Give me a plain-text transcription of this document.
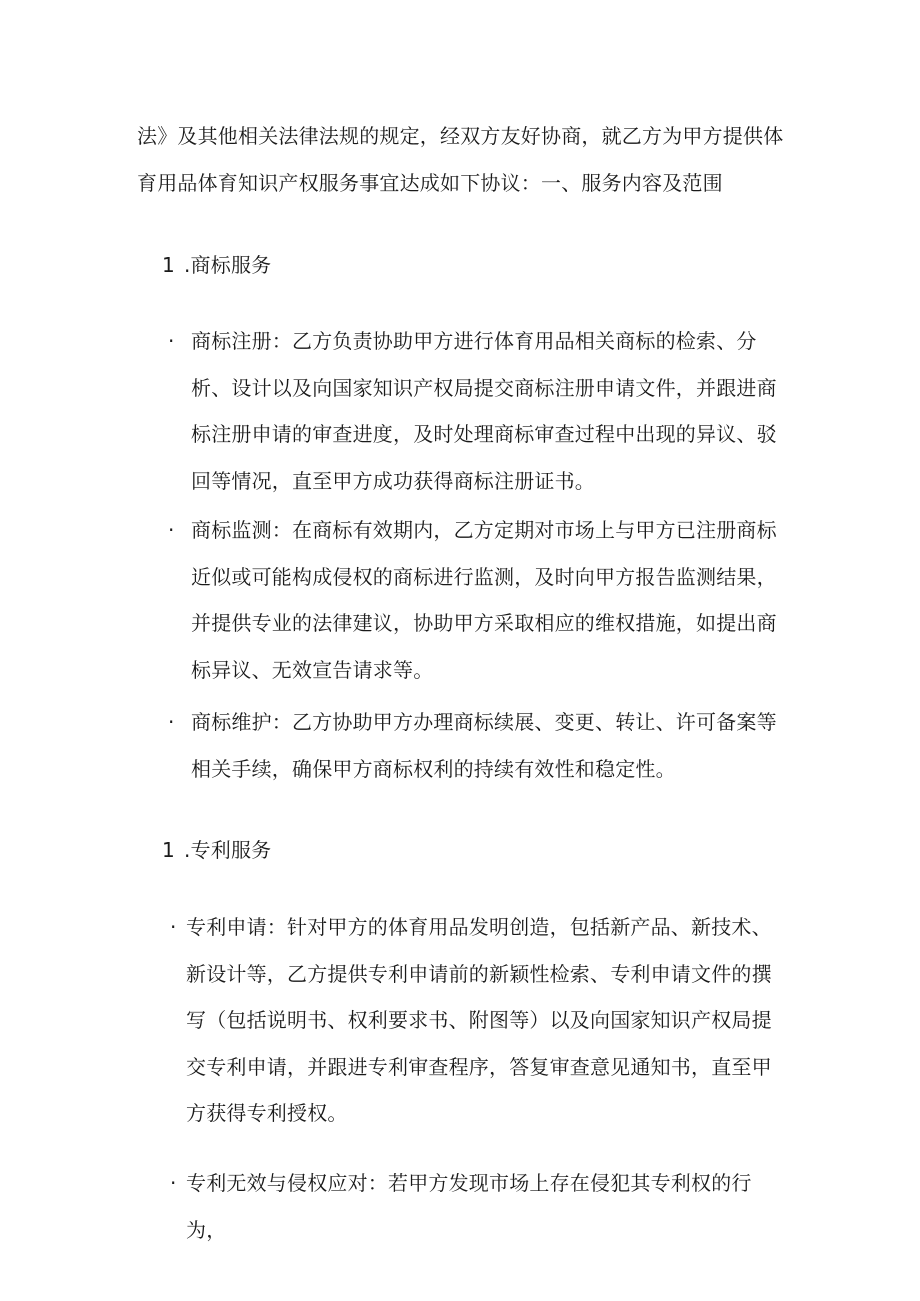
法》及其他相关法律法规的规定，经双方友好协商，就乙方为甲方提供体育用品体育知识产权服务事宜达成如下协议：一、服务内容及范围

1 .商标服务
· 商标注册：乙方负责协助甲方进行体育用品相关商标的检索、分析、设计以及向国家知识产权局提交商标注册申请文件，并跟进商标注册申请的审查进度，及时处理商标审查过程中出现的异议、驳回等情况，直至甲方成功获得商标注册证书。
· 商标监测：在商标有效期内，乙方定期对市场上与甲方已注册商标近似或可能构成侵权的商标进行监测，及时向甲方报告监测结果，并提供专业的法律建议，协助甲方采取相应的维权措施，如提出商标异议、无效宣告请求等。
· 商标维护：乙方协助甲方办理商标续展、变更、转让、许可备案等相关手续，确保甲方商标权利的持续有效性和稳定性。
1 .专利服务
· 专利申请：针对甲方的体育用品发明创造，包括新产品、新技术、新设计等，乙方提供专利申请前的新颖性检索、专利申请文件的撰写（包括说明书、权利要求书、附图等）以及向国家知识产权局提交专利申请，并跟进专利审查程序，答复审查意见通知书，直至甲方获得专利授权。
· 专利无效与侵权应对：若甲方发现市场上存在侵犯其专利权的行为，
